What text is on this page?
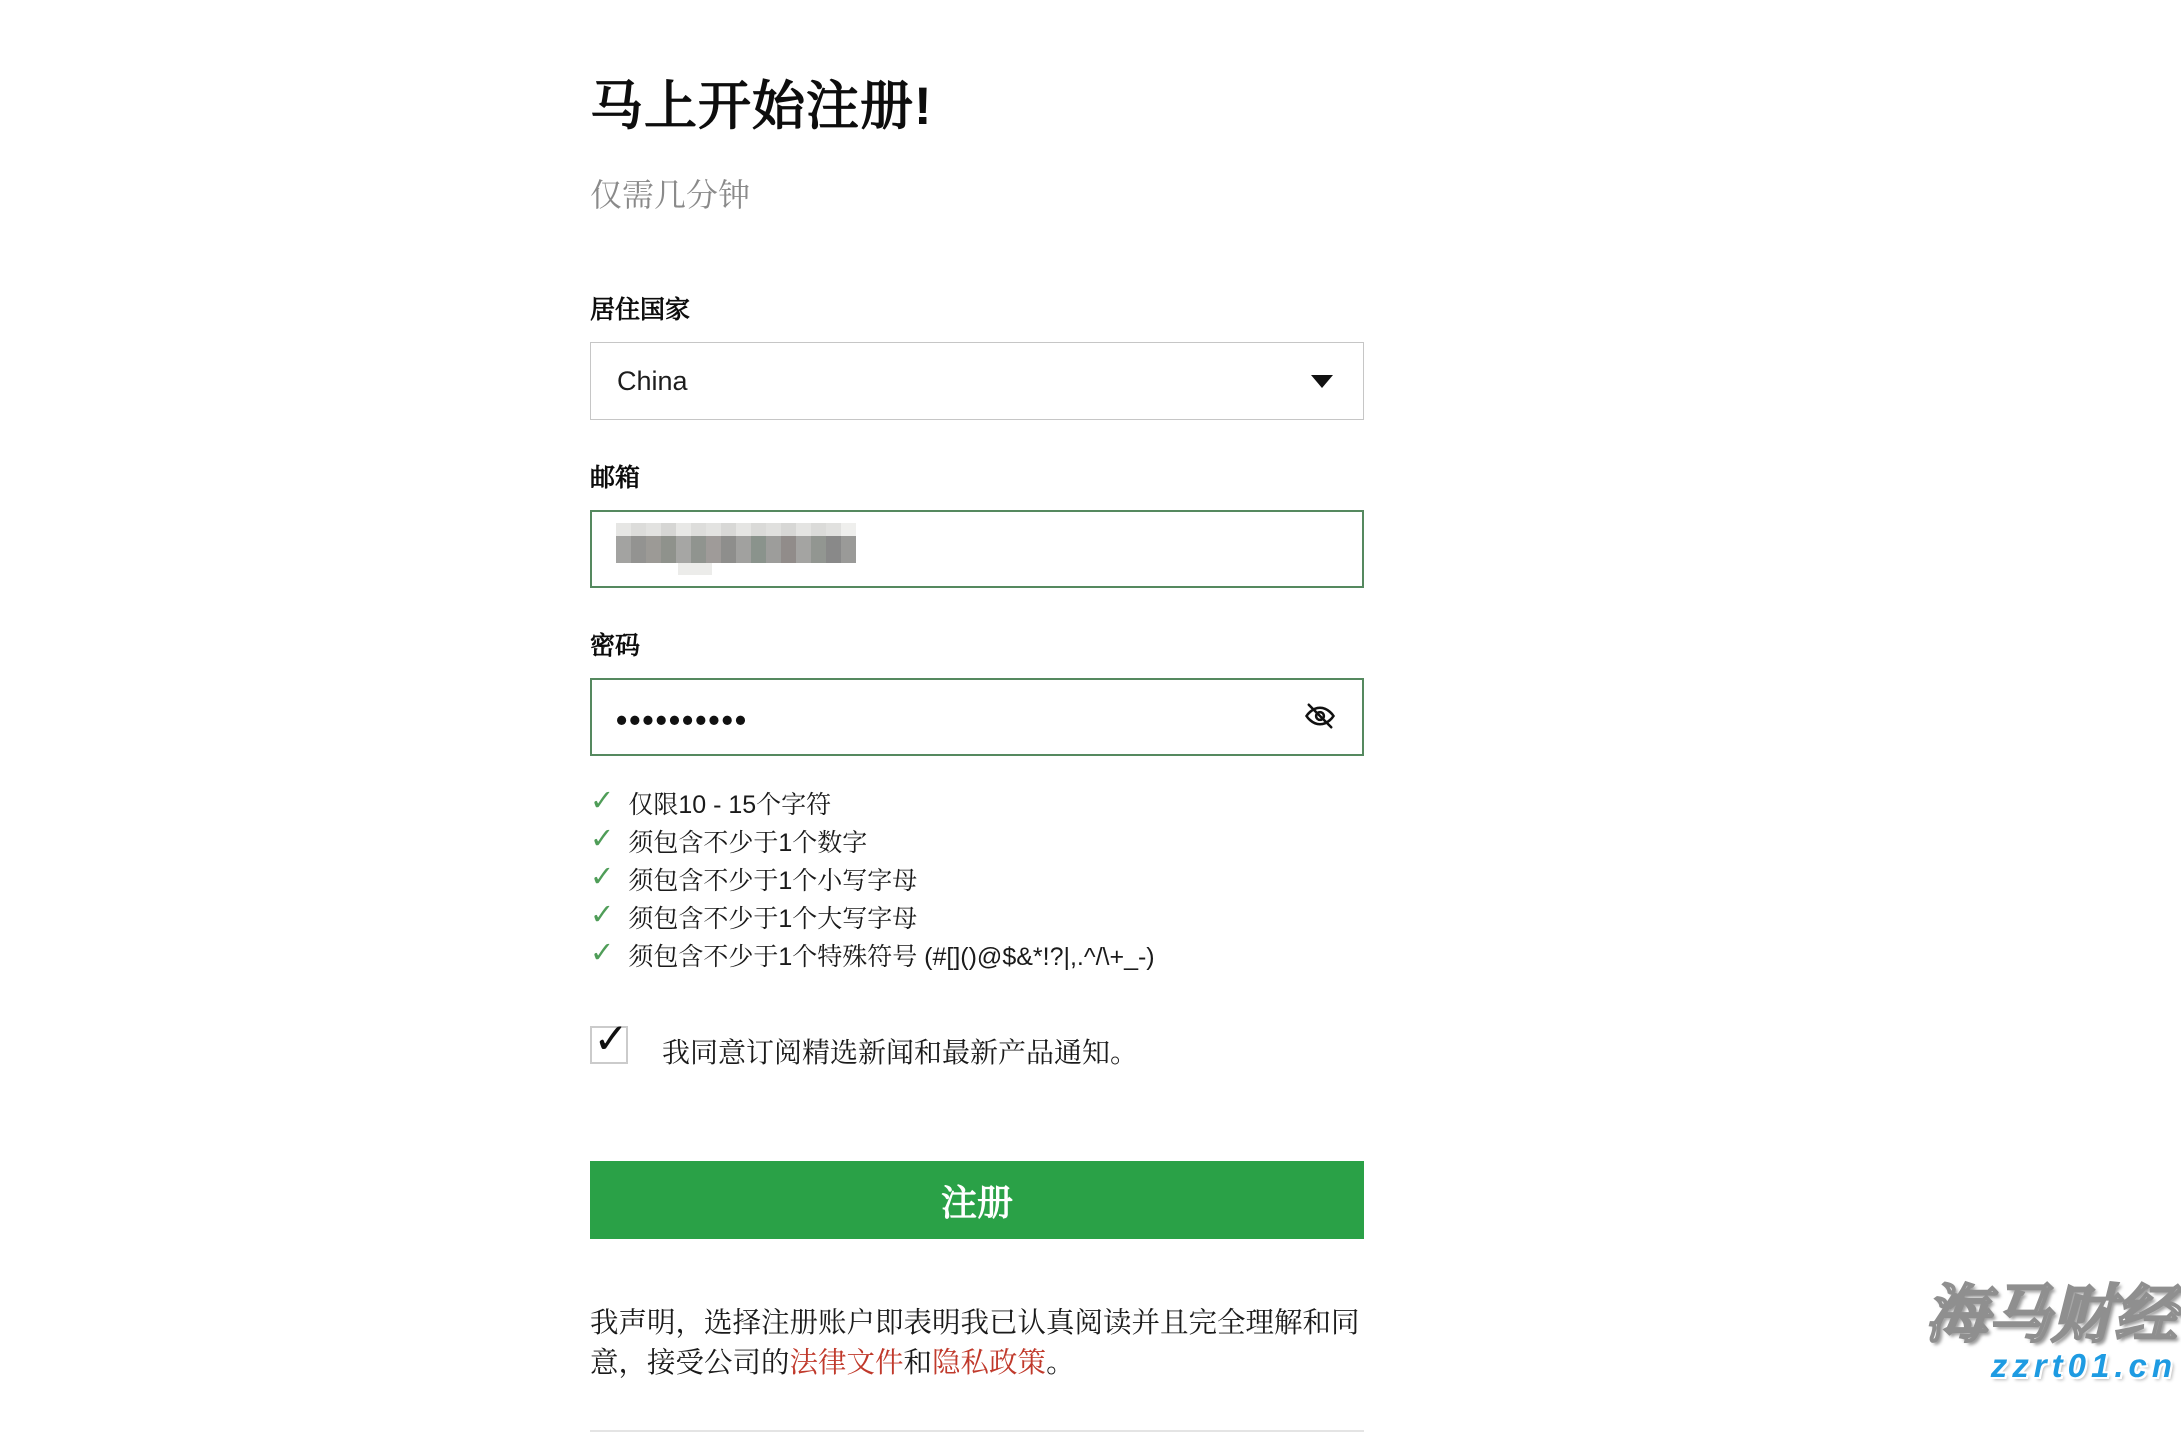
马上开始注册!
仅需几分钟
居住国家
China
邮箱
密码
••••••••••
✓ 仅限10 - 15个字符
✓ 须包含不少于1个数字
✓ 须包含不少于1个小写字母
✓ 须包含不少于1个大写字母
✓ 须包含不少于1个特殊符号 (#[]()@$&*!?|,.^/\+_-)
✓ 我同意订阅精选新闻和最新产品通知。
注册

我声明，选择注册账户即表明我已认真阅读并且完全理解和同意，接受公司的法律文件和隐私政策。

海马财经
zzrt01.cn
